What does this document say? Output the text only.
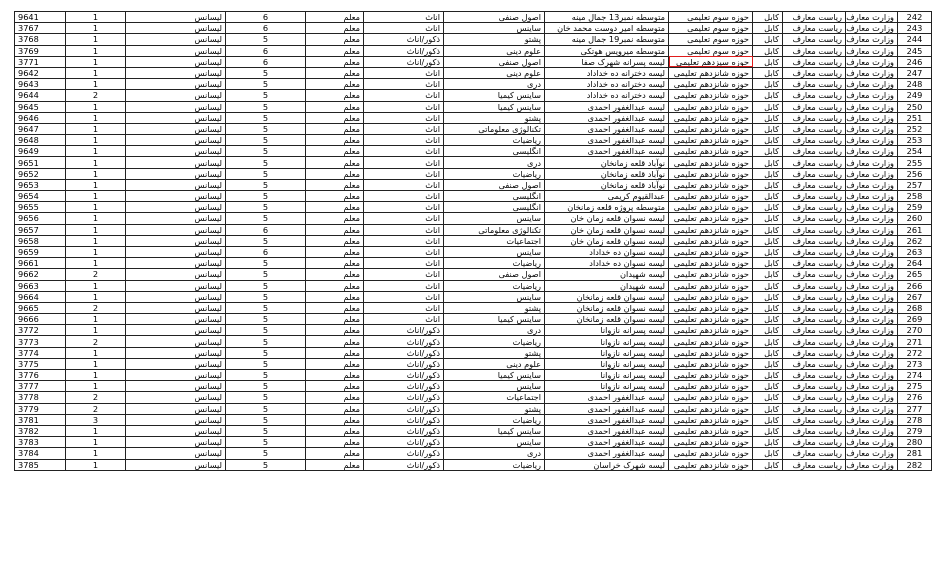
9641	1	لیسانس	6	معلم	اناث	اصول صنفی	متوسطه نمبر13 جمال مینه	حوزه سوم تعلیمی	کابل	ریاست معارف	وزارت معارف	242
3767	1	لیسانس	6	معلم	اناث	ساینس	متوسطه امیر دوست محمد خان	حوزه سوم تعلیمی	کابل	ریاست معارف	وزارت معارف	243
3768	1	لیسانس	5	معلم	ذکور/اناث	پشتو	متوسطه نمبر19 جمال مینه	حوزه سوم تعلیمی	کابل	ریاست معارف	وزارت معارف	244
3769	1	لیسانس	6	معلم	ذکور/اناث	علوم دینی	متوسطه میرویس هوتکی	حوزه سوم تعلیمی	کابل	ریاست معارف	وزارت معارف	245
3771	1	لیسانس	6	معلم	ذکور/اناث	اصول صنفی	لیسه پسرانه شهرک صفا	حوزه سیزدهم تعلیمی	کابل	ریاست معارف	وزارت معارف	246
9642	1	لیسانس	5	معلم	اناث	علوم دینی	لیسه دخترانه ده خداداد	حوزه شانزدهم تعلیمی	کابل	ریاست معارف	وزارت معارف	247
9643	1	لیسانس	5	معلم	اناث	دری	لیسه دخترانه ده خداداد	حوزه شانزدهم تعلیمی	کابل	ریاست معارف	وزارت معارف	248
9644	2	لیسانس	5	معلم	اناث	ساینس کیمیا	لیسه دخترانه ده خداداد	حوزه شانزدهم تعلیمی	کابل	ریاست معارف	وزارت معارف	249
9645	1	لیسانس	5	معلم	اناث	ساینس کیمیا	لیسه عبدالغفور احمدی	حوزه شانزدهم تعلیمی	کابل	ریاست معارف	وزارت معارف	250
9646	1	لیسانس	5	معلم	اناث	پشتو	لیسه عبدالغفور احمدی	حوزه شانزدهم تعلیمی	کابل	ریاست معارف	وزارت معارف	251
9647	1	لیسانس	5	معلم	اناث	تکنالوژی معلوماتی	لیسه عبدالغفور احمدی	حوزه شانزدهم تعلیمی	کابل	ریاست معارف	وزارت معارف	252
9648	1	لیسانس	5	معلم	اناث	ریاضیات	لیسه عبدالغفور احمدی	حوزه شانزدهم تعلیمی	کابل	ریاست معارف	وزارت معارف	253
9649	1	لیسانس	5	معلم	اناث	انگلیسی	لیسه عبدالغفور احمدی	حوزه شانزدهم تعلیمی	کابل	ریاست معارف	وزارت معارف	254
9651	1	لیسانس	5	معلم	اناث	دری	نوآباد قلعه زمانخان	حوزه شانزدهم تعلیمی	کابل	ریاست معارف	وزارت معارف	255
9652	1	لیسانس	5	معلم	اناث	ریاضیات	نوآباد قلعه زمانخان	حوزه شانزدهم تعلیمی	کابل	ریاست معارف	وزارت معارف	256
9653	1	لیسانس	5	معلم	اناث	اصول صنفی	نوآباد قلعه زمانخان	حوزه شانزدهم تعلیمی	کابل	ریاست معارف	وزارت معارف	257
9654	1	لیسانس	5	معلم	اناث	انگلیسی	عبدالقیوم کریمی	حوزه شانزدهم تعلیمی	کابل	ریاست معارف	وزارت معارف	258
9655	1	لیسانس	5	معلم	اناث	انگلیسی	متوسطه پروژه قلعه زمانخان	حوزه شانزدهم تعلیمی	کابل	ریاست معارف	وزارت معارف	259
9656	1	لیسانس	5	معلم	اناث	ساینس	لیسه نسوان قلعه زمان خان	حوزه شانزدهم تعلیمی	کابل	ریاست معارف	وزارت معارف	260
9657	1	لیسانس	6	معلم	اناث	تکنالوژی معلوماتی	لیسه نسوان قلعه زمان خان	حوزه شانزدهم تعلیمی	کابل	ریاست معارف	وزارت معارف	261
9658	1	لیسانس	5	معلم	اناث	اجتماعیات	لیسه نسوان قلعه زمان خان	حوزه شانزدهم تعلیمی	کابل	ریاست معارف	وزارت معارف	262
9659	1	لیسانس	6	معلم	اناث	ساینس	لیسه نسوان ده خداداد	حوزه شانزدهم تعلیمی	کابل	ریاست معارف	وزارت معارف	263
9661	1	لیسانس	5	معلم	اناث	ریاضیات	لیسه نسوان ده خداداد	حوزه شانزدهم تعلیمی	کابل	ریاست معارف	وزارت معارف	264
9662	2	لیسانس	5	معلم	اناث	اصول صنفی	لیسه شهیدان	حوزه شانزدهم تعلیمی	کابل	ریاست معارف	وزارت معارف	265
9663	1	لیسانس	5	معلم	اناث	ریاضیات	لیسه شهیدان	حوزه شانزدهم تعلیمی	کابل	ریاست معارف	وزارت معارف	266
9664	1	لیسانس	5	معلم	اناث	ساینس	لیسه نسوان قلعه زمانخان	حوزه شانزدهم تعلیمی	کابل	ریاست معارف	وزارت معارف	267
9665	2	لیسانس	5	معلم	اناث	پشتو	لیسه نسوان قلعه زمانخان	حوزه شانزدهم تعلیمی	کابل	ریاست معارف	وزارت معارف	268
9666	1	لیسانس	5	معلم	اناث	ساینس کیمیا	لیسه نسوان قلعه زمانخان	حوزه شانزدهم تعلیمی	کابل	ریاست معارف	وزارت معارف	269
3772	1	لیسانس	5	معلم	ذکور/اناث	دری	لیسه پسرانه نازوانا	حوزه شانزدهم تعلیمی	کابل	ریاست معارف	وزارت معارف	270
3773	2	لیسانس	5	معلم	ذکور/اناث	ریاضیات	لیسه پسرانه نازوانا	حوزه شانزدهم تعلیمی	کابل	ریاست معارف	وزارت معارف	271
3774	1	لیسانس	5	معلم	ذکور/اناث	پشتو	لیسه پسرانه نازوانا	حوزه شانزدهم تعلیمی	کابل	ریاست معارف	وزارت معارف	272
3775	1	لیسانس	5	معلم	ذکور/اناث	علوم دینی	لیسه پسرانه نازوانا	حوزه شانزدهم تعلیمی	کابل	ریاست معارف	وزارت معارف	273
3776	1	لیسانس	5	معلم	ذکور/اناث	ساینس کیمیا	لیسه پسرانه نازوانا	حوزه شانزدهم تعلیمی	کابل	ریاست معارف	وزارت معارف	274
3777	1	لیسانس	5	معلم	ذکور/اناث	ساینس	لیسه پسرانه نازوانا	حوزه شانزدهم تعلیمی	کابل	ریاست معارف	وزارت معارف	275
3778	2	لیسانس	5	معلم	ذکور/اناث	اجتماعیات	لیسه عبدالغفور احمدی	حوزه شانزدهم تعلیمی	کابل	ریاست معارف	وزارت معارف	276
3779	2	لیسانس	5	معلم	ذکور/اناث	پشتو	لیسه عبدالغفور احمدی	حوزه شانزدهم تعلیمی	کابل	ریاست معارف	وزارت معارف	277
3781	3	لیسانس	5	معلم	ذکور/اناث	ریاضیات	لیسه عبدالغفور احمدی	حوزه شانزدهم تعلیمی	کابل	ریاست معارف	وزارت معارف	278
3782	1	لیسانس	5	معلم	ذکور/اناث	ساینس کیمیا	لیسه عبدالغفور احمدی	حوزه شانزدهم تعلیمی	کابل	ریاست معارف	وزارت معارف	279
3783	1	لیسانس	5	معلم	ذکور/اناث	ساینس	لیسه عبدالغفور احمدی	حوزه شانزدهم تعلیمی	کابل	ریاست معارف	وزارت معارف	280
3784	1	لیسانس	5	معلم	ذکور/اناث	دری	لیسه عبدالغفور احمدی	حوزه شانزدهم تعلیمی	کابل	ریاست معارف	وزارت معارف	281
3785	1	لیسانس	5	معلم	ذکور/اناث	ریاضیات	لیسه شهرک خراسان	حوزه شانزدهم تعلیمی	کابل	ریاست معارف	وزارت معارف	282
